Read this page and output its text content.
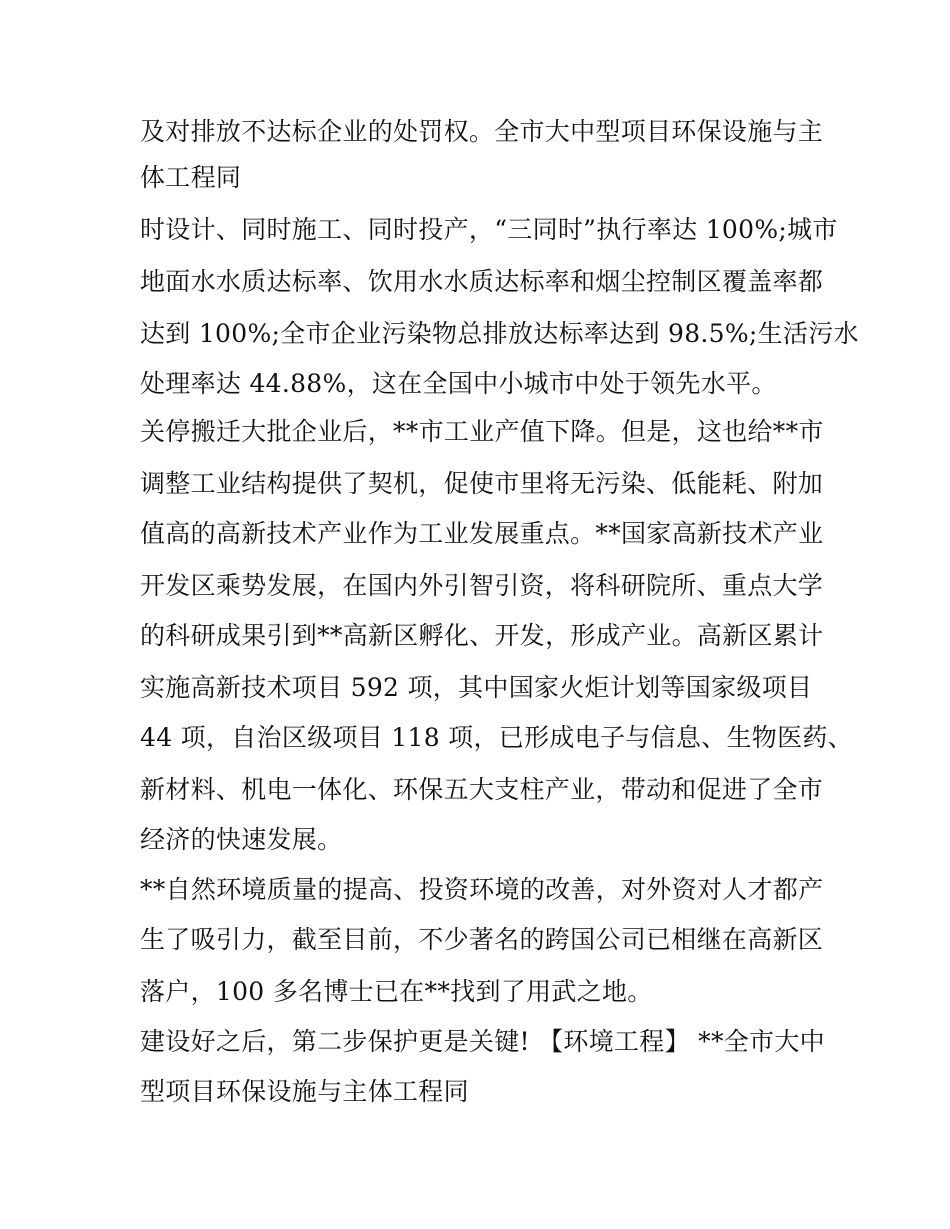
及对排放不达标企业的处罚权。全市大中型项目环保设施与主
体工程同
时设计、同时施工、同时投产，“三同时”执行率达 100%;城市
地面水水质达标率、饮用水水质达标率和烟尘控制区覆盖率都
达到 100%;全市企业污染物总排放达标率达到 98.5%;生活污水
处理率达 44.88%，这在全国中小城市中处于领先水平。
关停搬迁大批企业后，**市工业产值下降。但是，这也给**市
调整工业结构提供了契机，促使市里将无污染、低能耗、附加
值高的高新技术产业作为工业发展重点。**国家高新技术产业
开发区乘势发展，在国内外引智引资，将科研院所、重点大学
的科研成果引到**高新区孵化、开发，形成产业。高新区累计
实施高新技术项目 592 项，其中国家火炬计划等国家级项目
44 项，自治区级项目 118 项，已形成电子与信息、生物医药、
新材料、机电一体化、环保五大支柱产业，带动和促进了全市
经济的快速发展。
**自然环境质量的提高、投资环境的改善，对外资对人才都产
生了吸引力，截至目前，不少著名的跨国公司已相继在高新区
落户，100 多名博士已在**找到了用武之地。
建设好之后，第二步保护更是关键! 【环境工程】 **全市大中
型项目环保设施与主体工程同
